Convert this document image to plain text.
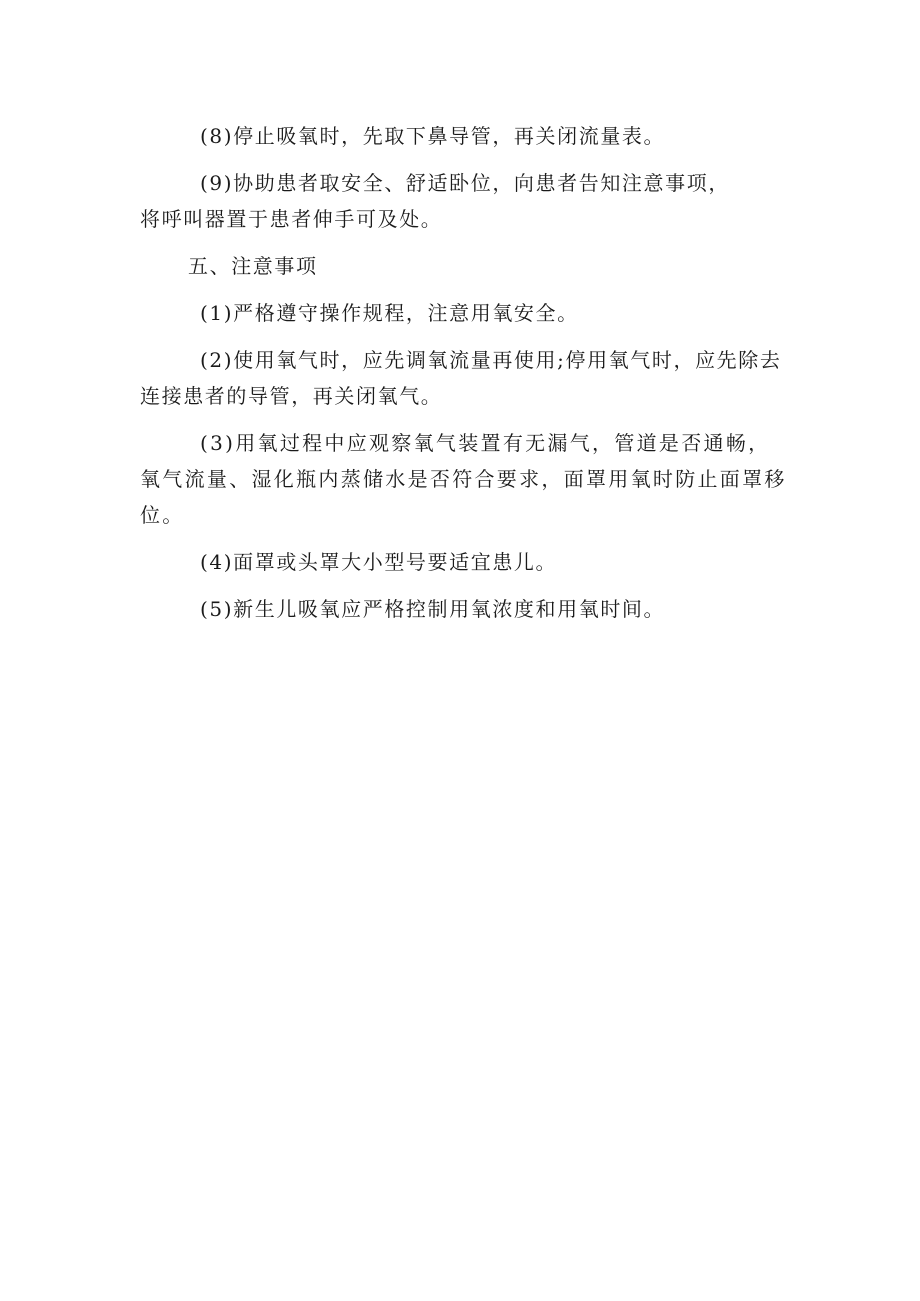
(8)停止吸氧时，先取下鼻导管，再关闭流量表。

(9)协助患者取安全、舒适卧位，向患者告知注意事项，将呼叫器置于患者伸手可及处。

五、注意事项

(1)严格遵守操作规程，注意用氧安全。

(2)使用氧气时，应先调氧流量再使用;停用氧气时，应先除去连接患者的导管，再关闭氧气。

(3)用氧过程中应观察氧气装置有无漏气，管道是否通畅，氧气流量、湿化瓶内蒸储水是否符合要求，面罩用氧时防止面罩移位。

(4)面罩或头罩大小型号要适宜患儿。

(5)新生儿吸氧应严格控制用氧浓度和用氧时间。
